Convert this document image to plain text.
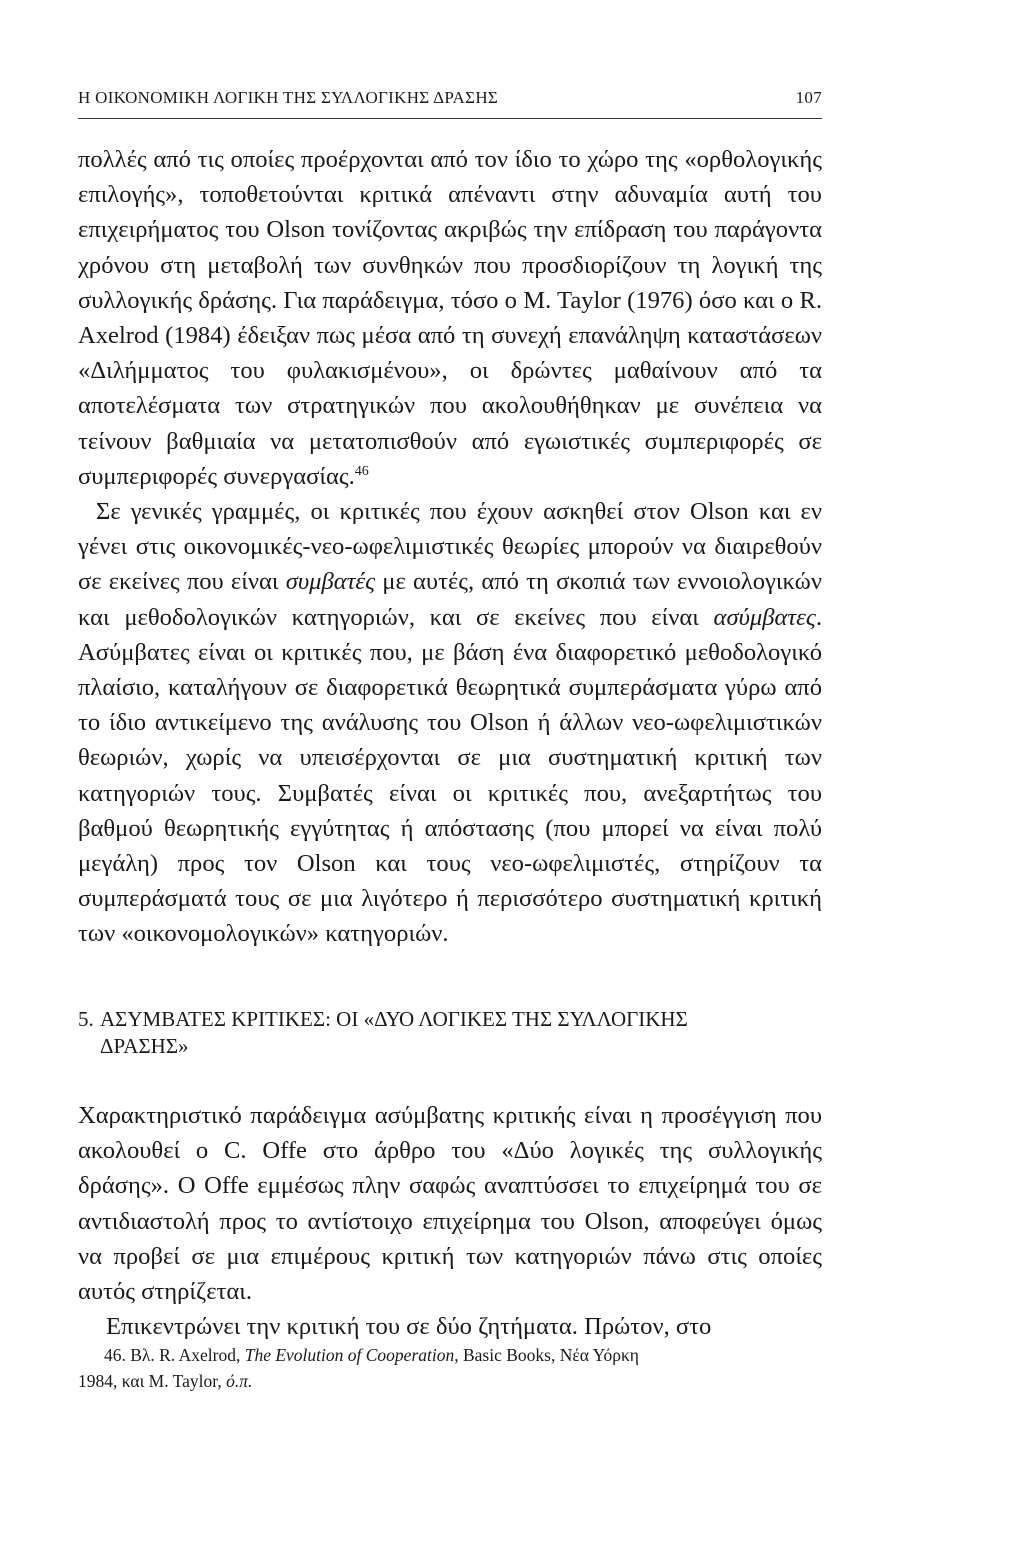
Η ΟΙΚΟΝΟΜΙΚΗ ΛΟΓΙΚΗ ΤΗΣ ΣΥΛΛΟΓΙΚΗΣ ΔΡΑΣΗΣ	107

πολλές από τις οποίες προέρχονται από τον ίδιο το χώρο της «ορθολογικής επιλογής», τοποθετούνται κριτικά απέναντι στην αδυναμία αυτή του επιχειρήματος του Olson τονίζοντας ακριβώς την επίδραση του παράγοντα χρόνου στη μεταβολή των συνθηκών που προσδιορίζουν τη λογική της συλλογικής δράσης. Για παράδειγμα, τόσο ο M. Taylor (1976) όσο και ο R. Axelrod (1984) έδειξαν πως μέσα από τη συνεχή επανάληψη καταστάσεων «Διλήμματος του φυλακισμένου», οι δρώντες μαθαίνουν από τα αποτελέσματα των στρατηγικών που ακολουθήθηκαν με συνέπεια να τείνουν βαθμιαία να μετατοπισθούν από εγωιστικές συμπεριφορές σε συμπεριφορές συνεργασίας.$^{46}$

Σε γενικές γραμμές, οι κριτικές που έχουν ασκηθεί στον Olson και εν γένει στις οικονομικές-νεο-ωφελιμιστικές θεωρίες μπορούν να διαιρεθούν σε εκείνες που είναι συμβατές με αυτές, από τη σκοπιά των εννοιολογικών και μεθοδολογικών κατηγοριών, και σε εκείνες που είναι ασύμβατες. Ασύμβατες είναι οι κριτικές που, με βάση ένα διαφορετικό μεθοδολογικό πλαίσιο, καταλήγουν σε διαφορετικά θεωρητικά συμπεράσματα γύρω από το ίδιο αντικείμενο της ανάλυσης του Olson ή άλλων νεο-ωφελιμιστικών θεωριών, χωρίς να υπεισέρχονται σε μια συστηματική κριτική των κατηγοριών τους. Συμβατές είναι οι κριτικές που, ανεξαρτήτως του βαθμού θεωρητικής εγγύτητας ή απόστασης (που μπορεί να είναι πολύ μεγάλη) προς τον Olson και τους νεο-ωφελιμιστές, στηρίζουν τα συμπεράσματά τους σε μια λιγότερο ή περισσότερο συστηματική κριτική των «οικονομολογικών» κατηγοριών.

5. ΑΣΥΜΒΑΤΕΣ ΚΡΙΤΙΚΕΣ: ΟΙ «ΔΥΟ ΛΟΓΙΚΕΣ ΤΗΣ ΣΥΛΛΟΓΙΚΗΣ
ΔΡΑΣΗΣ»

Χαρακτηριστικό παράδειγμα ασύμβατης κριτικής είναι η προσέγγιση που ακολουθεί ο C. Offe στο άρθρο του «Δύο λογικές της συλλογικής δράσης». Ο Offe εμμέσως πλην σαφώς αναπτύσσει το επιχείρημά του σε αντιδιαστολή προς το αντίστοιχο επιχείρημα του Olson, αποφεύγει όμως να προβεί σε μια επιμέρους κριτική των κατηγοριών πάνω στις οποίες αυτός στηρίζεται.

Επικεντρώνει την κριτική του σε δύο ζητήματα. Πρώτον, στο

46. Βλ. R. Axelrod, The Evolution of Cooperation, Basic Books, Νέα Υόρκη
1984, και M. Taylor, ό.π.
